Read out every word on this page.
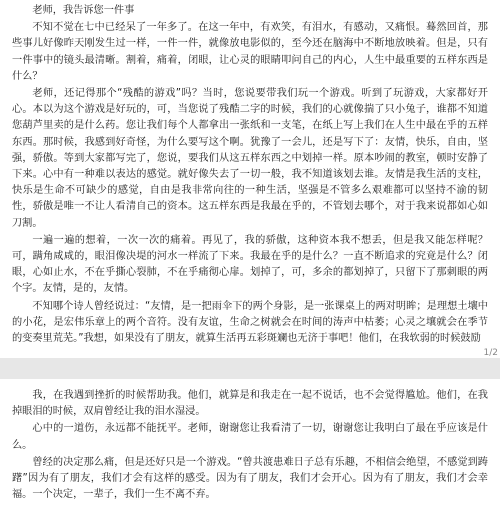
老师，我告诉您一件事

不知不觉在七中已经呆了一年多了。在这一年中，有欢笑，有泪水，有感动，又痛恨。蓦然回首，那些事儿好像昨天刚发生过一样，一件一件，就像放电影似的，至今还在脑海中不断地放映着。但是，只有一件事中的镜头最清晰。割着，痛着，闭眼，让心灵的眼睛叩问自己的内心，人生中最重要的五样东西是什么？

老师，还记得那个“残酷的游戏”吗？当时，您说要带我们玩一个游戏。听到了玩游戏，大家都好开心。本以为这个游戏是好玩的，可，当您说了残酷二字的时候，我们的心就像揣了只小兔子，谁都不知道您葫芦里卖的是什么药。您让我们每个人都拿出一张纸和一支笔，在纸上写上我们在人生中最在乎的五样东西。那时候，我感到好奇怪，为什么要写这个啊。犹豫了一会儿，还是写下了：友情，快乐，自由，坚强，骄傲。等到大家都写完了，您说，要我们从这五样东西之中划掉一样。原本吵闹的教室，顿时安静了下来。心中有一种难以表达的感觉。就好像失去了一切一般，我不知道该划去谁。友情是我生活的支柱，快乐是生命不可缺少的感觉，自由是我非常向往的一种生活，坚强是不管多么艰难都可以坚持不渝的韧性，骄傲是唯一不让人看清自己的资本。这五样东西是我最在乎的，不管划去哪个，对于我来说都如心如刀割。

一遍一遍的想着，一次一次的痛着。再见了，我的骄傲，这种资本我不想丢，但是我又能怎样呢？可，蹒角咸咸的，眼泪像决堤的河水一样流了下来。我最在乎的是什么？一直不断追求的究竟是什么？闭眼，心如止水，不在乎撕心裂肺，不在乎痛彻心扉。划掉了，可，多余的都划掉了，只留下了那刺眼的两个字。友情，是的，友情。

不知哪个诗人曾经说过：“友情，是一把雨伞下的两个身影，是一张课桌上的两对明眸；是理想土壤中的小花，是宏伟乐章上的两个音符。没有友谊，生命之树就会在时间的涛声中枯萎；心灵之壤就会在季节的变奏里荒芜。”我想，如果没有了朋友，就算生活再五彩斑斓也无济于事吧！他们，在我软弱的时候鼓励

1/2

我，在我遇到挫折的时候帮助我。他们，就算是和我走在一起不说话，也不会觉得尴尬。他们，在我掉眼泪的时候，双肩曾经让我的泪水湿浸。

心中的一道伤，永远都不能抚平。老师，谢谢您让我看清了一切，谢谢您让我明白了最在乎应该是什么。

曾经的决定那么痛，但是还好只是一个游戏。“曾共渡患难日子总有乐趣，不相信会绝望，不感觉到踌躇”因为有了朋友，我们才会有这样的感受。因为有了朋友，我们才会开心。因为有了朋友，我们才会幸福。一个决定，一辈子，我们一生不离不弃。
